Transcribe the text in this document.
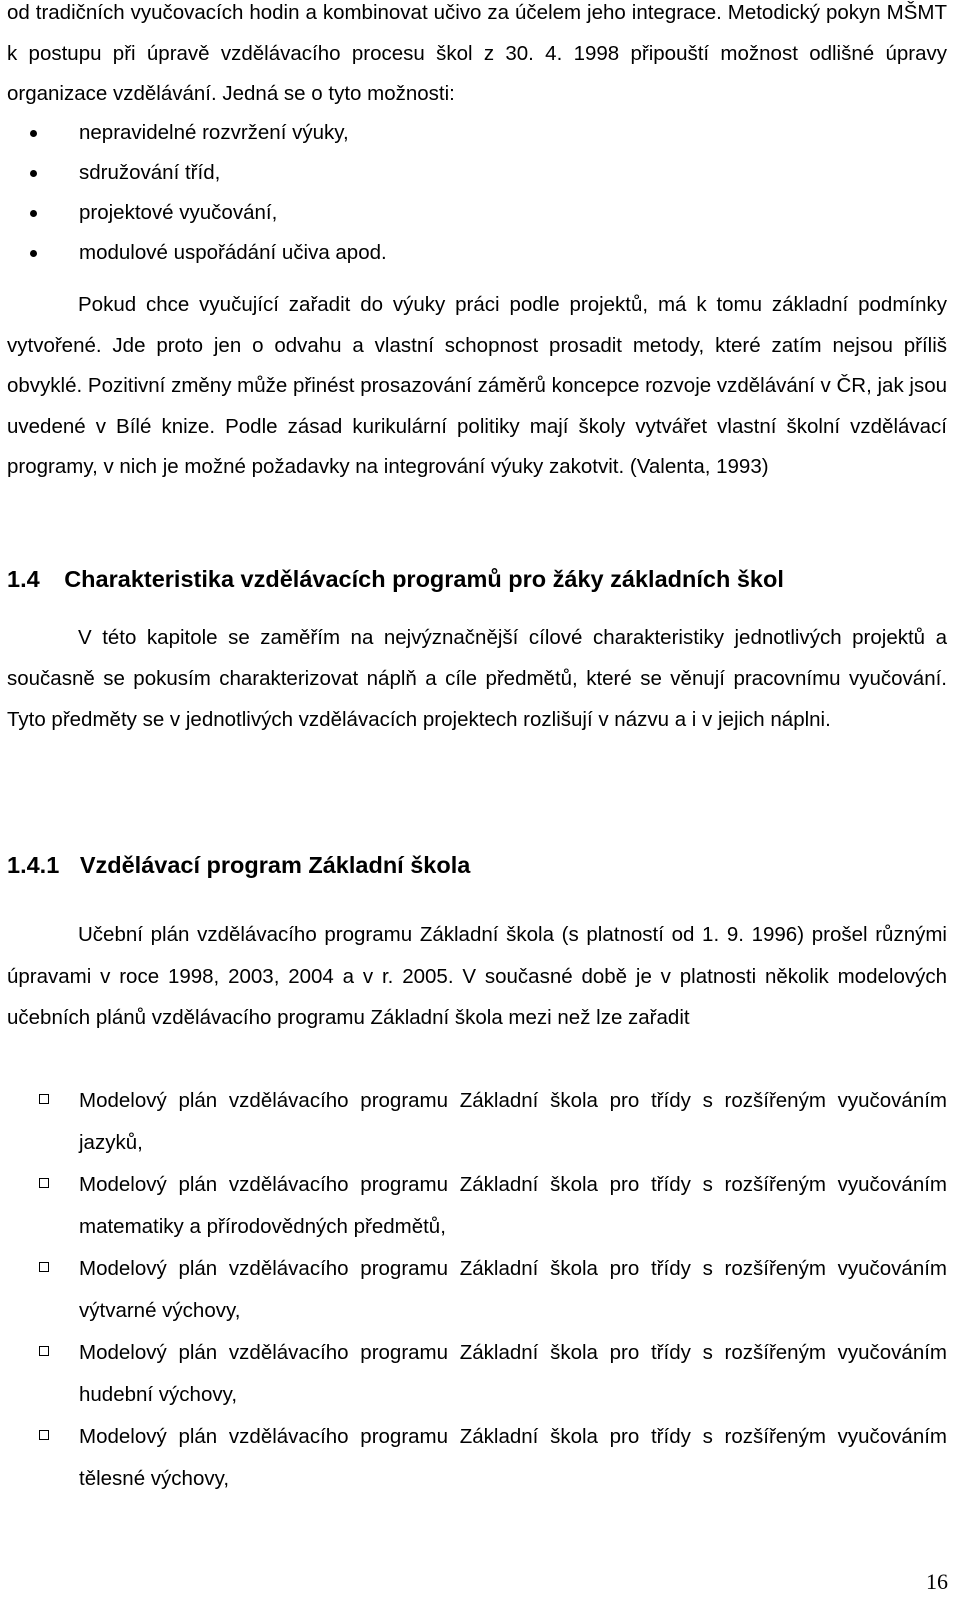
od tradičních vyučovacích hodin a kombinovat učivo za účelem jeho integrace. Metodický pokyn MŠMT k postupu při úpravě vzdělávacího procesu škol z 30. 4. 1998 připouští možnost odlišné úpravy organizace vzdělávání. Jedná se o tyto možnosti:
nepravidelné rozvržení výuky,
sdružování tříd,
projektové vyučování,
modulové uspořádání učiva apod.
Pokud chce vyučující zařadit do výuky práci podle projektů, má k tomu základní podmínky vytvořené. Jde proto jen o odvahu a vlastní schopnost prosadit metody, které zatím nejsou příliš obvyklé. Pozitivní změny může přinést prosazování záměrů koncepce rozvoje vzdělávání v ČR, jak jsou uvedené v Bílé knize. Podle zásad kurikulární politiky mají školy vytvářet vlastní školní vzdělávací programy, v nich je možné požadavky na integrování výuky zakotvit. (Valenta, 1993)
1.4 Charakteristika vzdělávacích programů pro žáky základních škol
V této kapitole se zaměřím na nejvýznačnější cílové charakteristiky jednotlivých projektů a současně se pokusím charakterizovat náplň a cíle předmětů, které se věnují pracovnímu vyučování. Tyto předměty se v jednotlivých vzdělávacích projektech rozlišují v názvu a i v jejich náplni.
1.4.1 Vzdělávací program Základní škola
Učební plán vzdělávacího programu Základní škola (s platností od 1. 9. 1996) prošel různými úpravami v roce 1998, 2003, 2004 a v r. 2005. V současné době je v platnosti několik modelových učebních plánů vzdělávacího programu Základní škola mezi než lze zařadit
Modelový plán vzdělávacího programu Základní škola pro třídy s rozšířeným vyučováním jazyků,
Modelový plán vzdělávacího programu Základní škola pro třídy s rozšířeným vyučováním matematiky a přírodovědných předmětů,
Modelový plán vzdělávacího programu Základní škola pro třídy s rozšířeným vyučováním výtvarné výchovy,
Modelový plán vzdělávacího programu Základní škola pro třídy s rozšířeným vyučováním hudební výchovy,
Modelový plán vzdělávacího programu Základní škola pro třídy s rozšířeným vyučováním tělesné výchovy,
16
